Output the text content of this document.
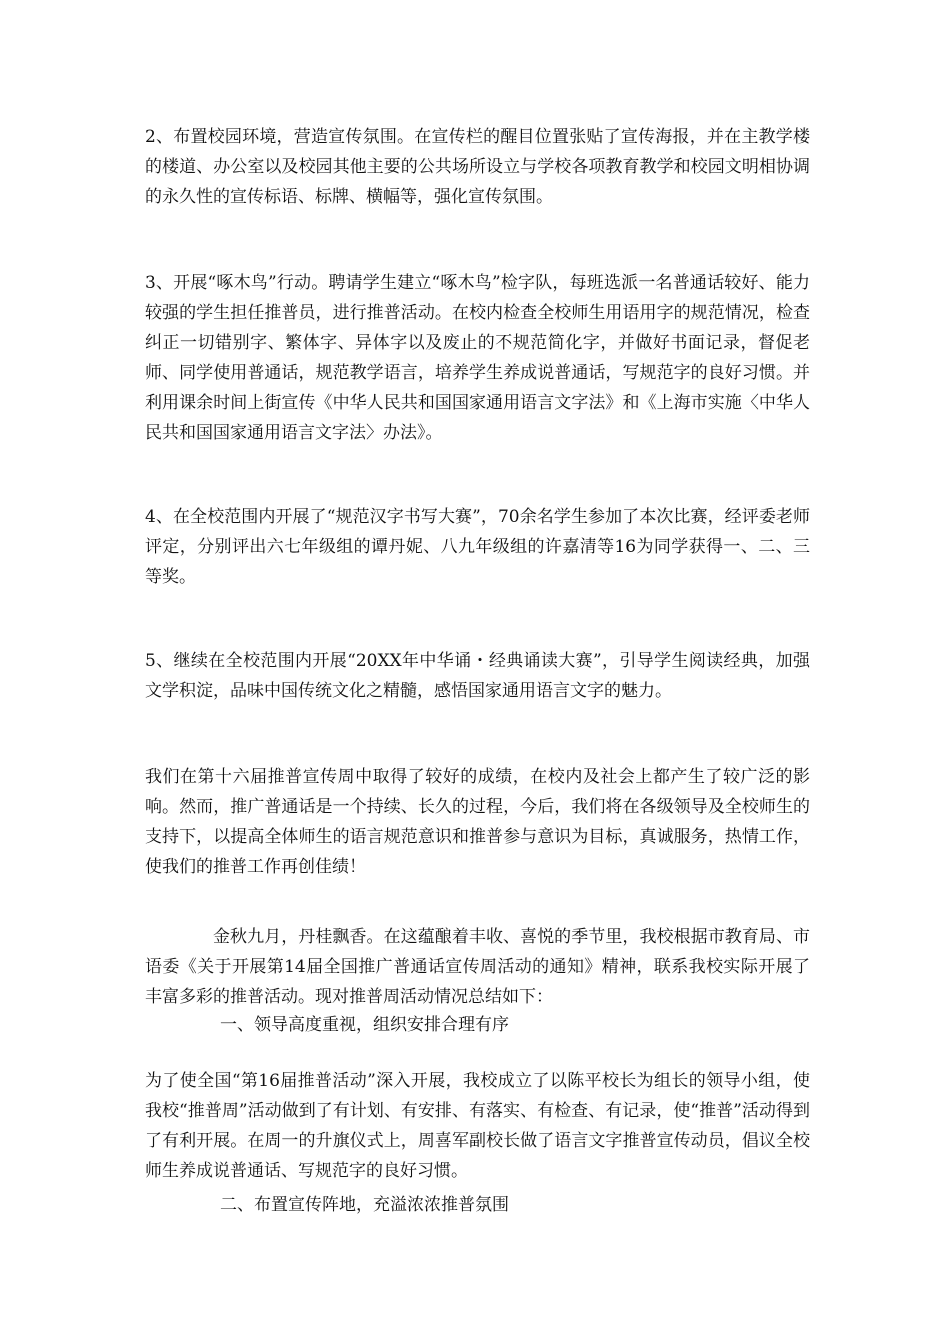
2、布置校园环境，营造宣传氛围。在宣传栏的醒目位置张贴了宣传海报，并在主教学楼的楼道、办公室以及校园其他主要的公共场所设立与学校各项教育教学和校园文明相协调的永久性的宣传标语、标牌、横幅等，强化宣传氛围。

3、开展“啄木鸟”行动。聘请学生建立“啄木鸟”检字队，每班选派一名普通话较好、能力较强的学生担任推普员，进行推普活动。在校内检查全校师生用语用字的规范情况，检查纠正一切错别字、繁体字、异体字以及废止的不规范简化字，并做好书面记录，督促老师、同学使用普通话，规范教学语言，培养学生养成说普通话，写规范字的良好习惯。并利用课余时间上街宣传《中华人民共和国国家通用语言文字法》和《上海市实施〈中华人民共和国国家通用语言文字法〉办法》。

4、在全校范围内开展了“规范汉字书写大赛”，70余名学生参加了本次比赛，经评委老师评定，分别评出六七年级组的谭丹妮、八九年级组的许嘉清等16为同学获得一、二、三等奖。

5、继续在全校范围内开展“20XX年中华诵・经典诵读大赛”，引导学生阅读经典，加强文学积淀，品味中国传统文化之精髓，感悟国家通用语言文字的魅力。

我们在第十六届推普宣传周中取得了较好的成绩，在校内及社会上都产生了较广泛的影响。然而，推广普通话是一个持续、长久的过程，今后，我们将在各级领导及全校师生的支持下，以提高全体师生的语言规范意识和推普参与意识为目标，真诚服务，热情工作，使我们的推普工作再创佳绩！

金秋九月，丹桂飘香。在这蕴酿着丰收、喜悦的季节里，我校根据市教育局、市语委《关于开展第14届全国推广普通话宣传周活动的通知》精神，联系我校实际开展了丰富多彩的推普活动。现对推普周活动情况总结如下：

一、领导高度重视，组织安排合理有序

为了使全国“第16届推普活动”深入开展，我校成立了以陈平校长为组长的领导小组，使我校“推普周”活动做到了有计划、有安排、有落实、有检查、有记录，使“推普”活动得到了有利开展。在周一的升旗仪式上，周喜军副校长做了语言文字推普宣传动员，倡议全校师生养成说普通话、写规范字的良好习惯。

二、布置宣传阵地，充溢浓浓推普氛围
